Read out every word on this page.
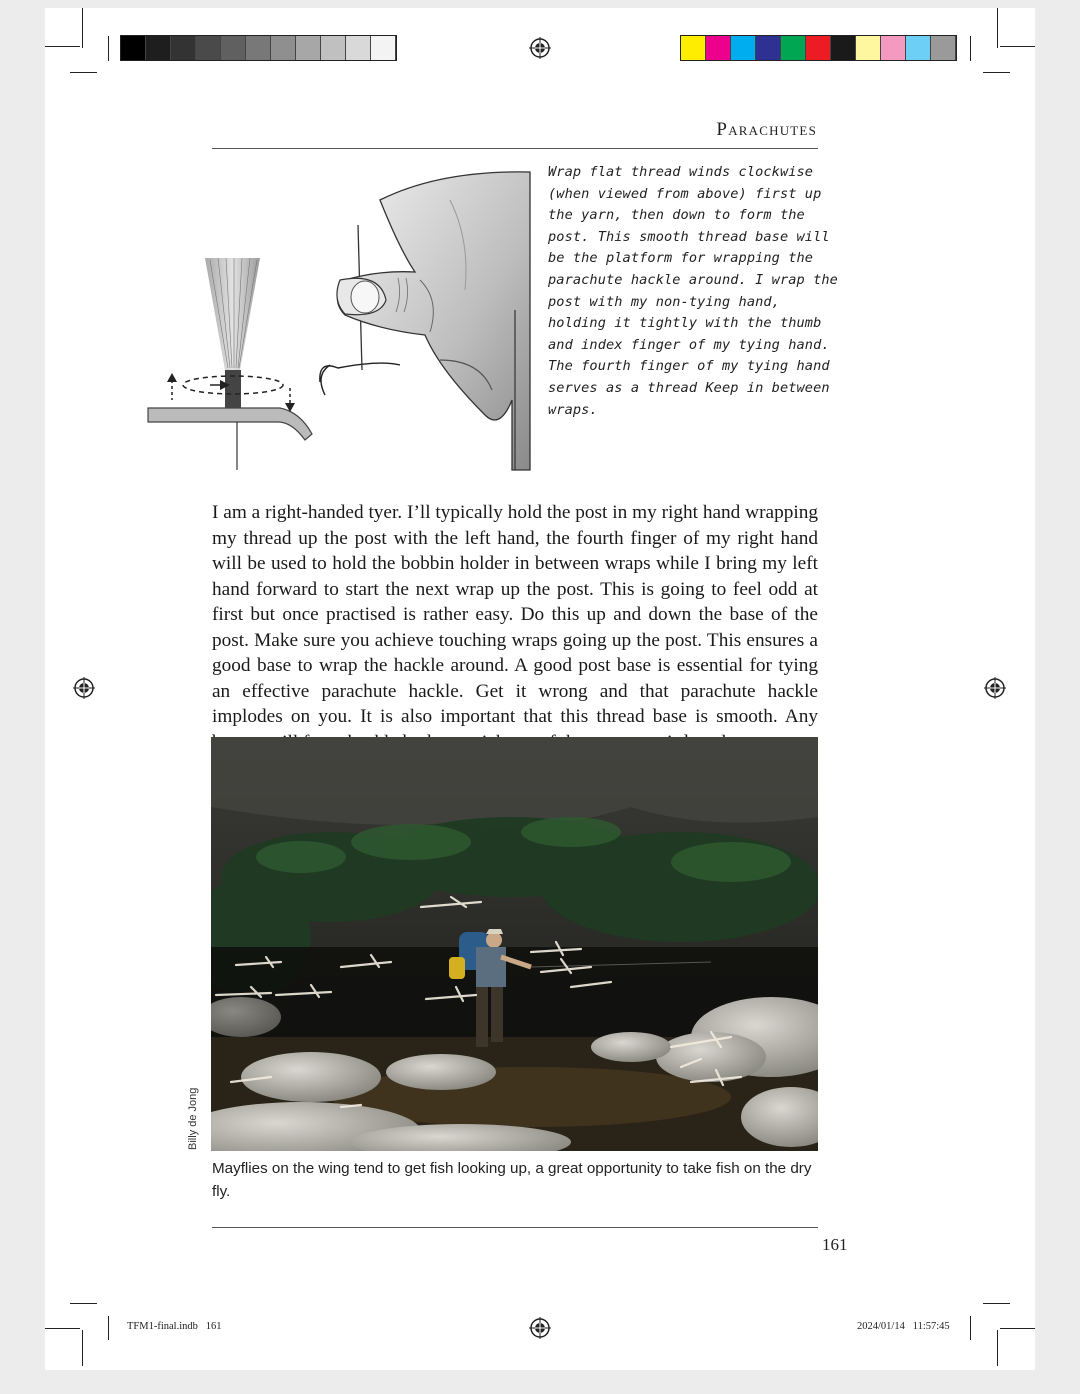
Parachutes
Wrap flat thread winds clockwise (when viewed from above) first up the yarn, then down to form the post. This smooth thread base will be the platform for wrapping the parachute hackle around. I wrap the post with my non-tying hand, holding it tightly with the thumb and index finger of my tying hand. The fourth finger of my tying hand serves as a thread Keep in between wraps.
I am a right-handed tyer. I’ll typically hold the post in my right hand wrapping my thread up the post with the left hand, the fourth finger of my right hand will be used to hold the bobbin holder in between wraps while I bring my left hand forward to start the next wrap up the post. This is going to feel odd at first but once practised is rather easy. Do this up and down the base of the post. Make sure you achieve touching wraps going up the post. This ensures a good base to wrap the hackle around. A good post base is essential for tying an effective parachute hackle. Get it wrong and that parachute hackle implodes on you. It is also important that this thread base is smooth. Any
Billy de Jong
Mayflies on the wing tend to get fish looking up, a great opportunity to take fish on the dry fly.
161
TFM1-final.indb   161	2024/01/14   11:57:45
